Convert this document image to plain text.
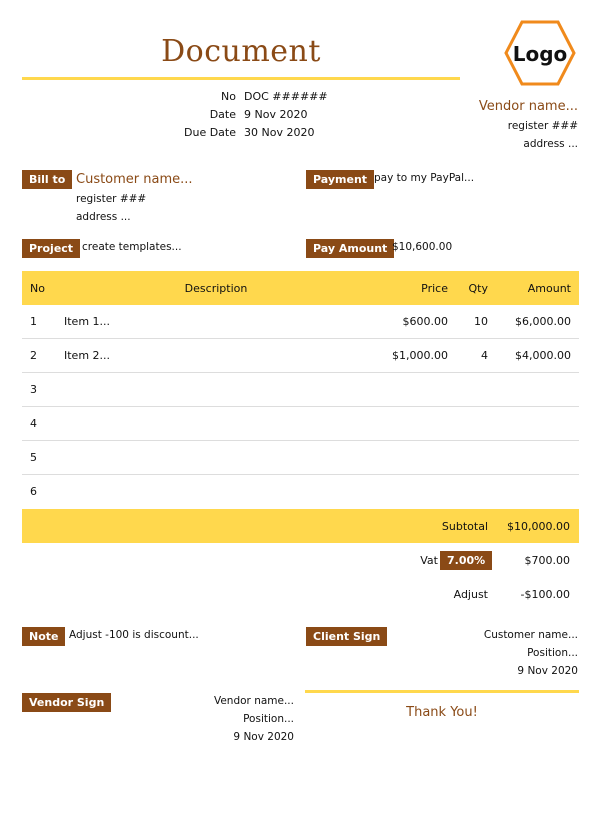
Document	Logo
No DOC ######
Date 9 Nov 2020
Due Date 30 Nov 2020
Vendor name...
register ###
address ...
Bill to Customer name...
register ###
address ...
Payment pay to my PayPal...
Project create templates...	Pay Amount $10,600.00
No	Description	Price	Qty	Amount
1	Item 1...	$600.00	10	$6,000.00
2	Item 2...	$1,000.00	4	$4,000.00
3				
4				
5				
6				
Subtotal $10,000.00
Vat 7.00%	$700.00
Adjust	-$100.00
Note	Adjust -100 is discount...	Client Sign	Customer name...
Position...
9 Nov 2020
Vendor Sign	Vendor name...
Position...
9 Nov 2020
Thank You!
